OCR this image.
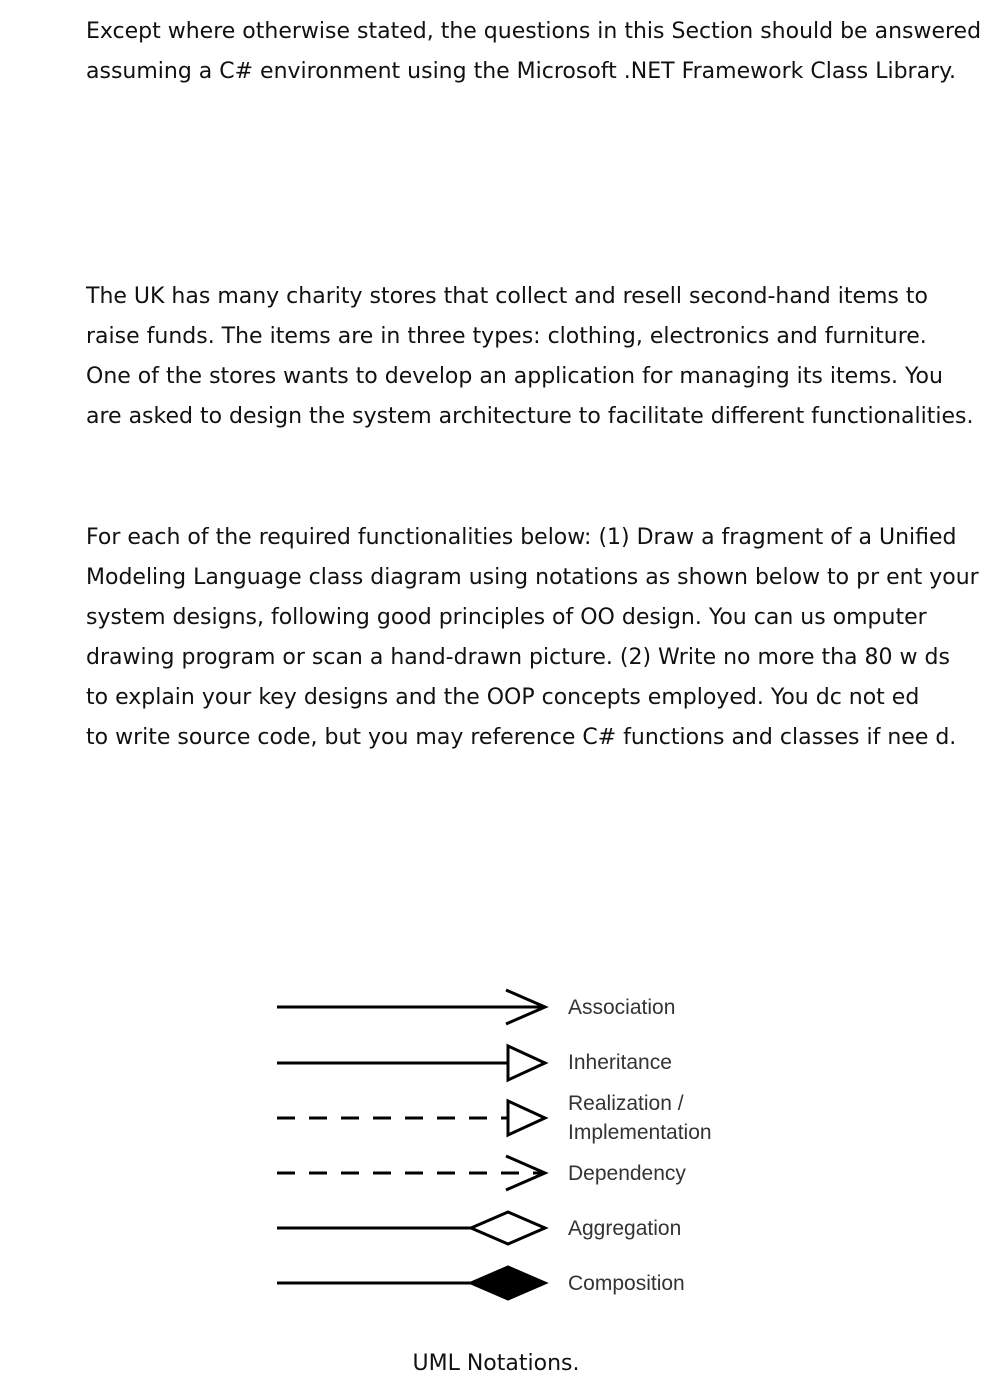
Except where otherwise stated, the questions in this Section should be answered
assuming a C# environment using the Microsoft .NET Framework Class Library.
The UK has many charity stores that collect and resell second-hand items to
raise funds. The items are in three types: clothing, electronics and furniture.
One of the stores wants to develop an application for managing its items. You
are asked to design the system architecture to facilitate different functionalities.
For each of the required functionalities below: (1) Draw a fragment of a Unified
Modeling Language class diagram using notations as shown below to pr ent your
system designs, following good principles of OO design. You can us omputer
drawing program or scan a hand-drawn picture. (2) Write no more tha 80 w ds
to explain your key designs and the OOP concepts employed. You dc not ed
to write source code, but you may reference C# functions and classes if nee d.
Association
Inheritance
Realization /
Implementation
Dependency
Aggregation
Composition
UML Notations.
